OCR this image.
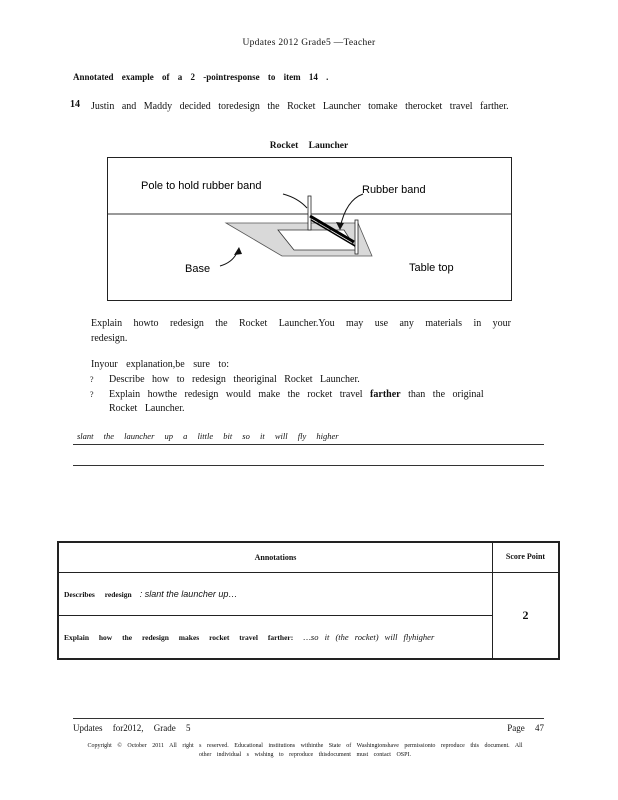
Updates 2012 Grade5 —Teacher
Annotated example of a 2 -pointresponse to item 14 .
14 Justin and Maddy decided toredesign the Rocket Launcher tomake therocket travel farther.
Rocket Launcher
Pole to hold rubber band	Rubber band
Base	Table top
Explain howto redesign the Rocket Launcher.You may use any materials in your redesign.
Inyour explanation,be sure to:
? Describe how to redesign theoriginal Rocket Launcher.
? Explain howthe redesign would make the rocket travel farther than the original Rocket Launcher.
slant the launcher up a little bit so it will fly higher
Annotations	Score Point
Describes redesign : slant the launcher up…	2
Explain how the redesign makes rocket travel farther: …so it (the rocket) will flyhigher	
Updates for2012, Grade 5	Page 47
Copyright © October 2011 All right s reserved. Educational institutions withinthe State of Washingtonshave permissionto reproduce this document. All other individual s wishing to reproduce thisdocument must contact OSPI.
